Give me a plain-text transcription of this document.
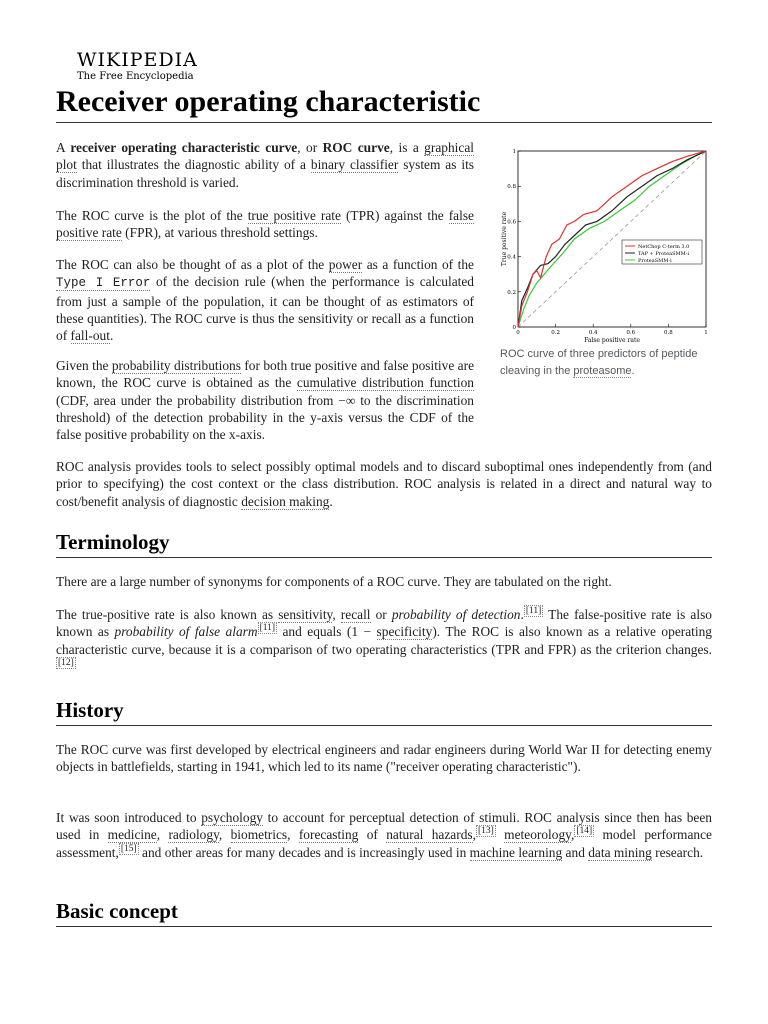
WIKIPEDIA
The Free Encyclopedia
Receiver operating characteristic
0
0
0.2
0.2
0.4
0.4
0.6
0.6
0.8
0.8
1
1
NetChop C-term 3.0
TAP + ProteaSMM-i
ProteaSMM-i
True positive rate
False positive rate
ROC curve of three predictors of peptide cleaving in the proteasome.

A receiver operating characteristic curve, or ROC curve, is a graphical plot that illustrates the diagnostic ability of a binary classifier system as its discrimination threshold is varied.

The ROC curve is the plot of the true positive rate (TPR) against the false positive rate (FPR), at various threshold settings.

The ROC can also be thought of as a plot of the power as a function of the Type I Error of the decision rule (when the performance is calculated from just a sample of the population, it can be thought of as estimators of these quantities). The ROC curve is thus the sensitivity or recall as a function of fall-out.

Given the probability distributions for both true positive and false positive are known, the ROC curve is obtained as the cumulative distribution function (CDF, area under the probability distribution from −∞ to the discrimination threshold) of the detection probability in the y-axis versus the CDF of the false positive probability on the x-axis.

ROC analysis provides tools to select possibly optimal models and to discard suboptimal ones independently from (and prior to specifying) the cost context or the class distribution. ROC analysis is related in a direct and natural way to cost/benefit analysis of diagnostic decision making.

Terminology

There are a large number of synonyms for components of a ROC curve. They are tabulated on the right.

The true-positive rate is also known as sensitivity, recall or probability of detection. [11] The false-positive rate is also known as probability of false alarm [11] and equals (1 − specificity). The ROC is also known as a relative operating characteristic curve, because it is a comparison of two operating characteristics (TPR and FPR) as the criterion changes.[12]

History

The ROC curve was first developed by electrical engineers and radar engineers during World War II for detecting enemy objects in battlefields, starting in 1941, which led to its name ("receiver operating characteristic").

It was soon introduced to psychology to account for perceptual detection of stimuli. ROC analysis since then has been used in medicine, radiology, biometrics, forecasting of natural hazards, [13] meteorology, [14] model performance assessment, [15] and other areas for many decades and is increasingly used in machine learning and data mining research.

Basic concept
